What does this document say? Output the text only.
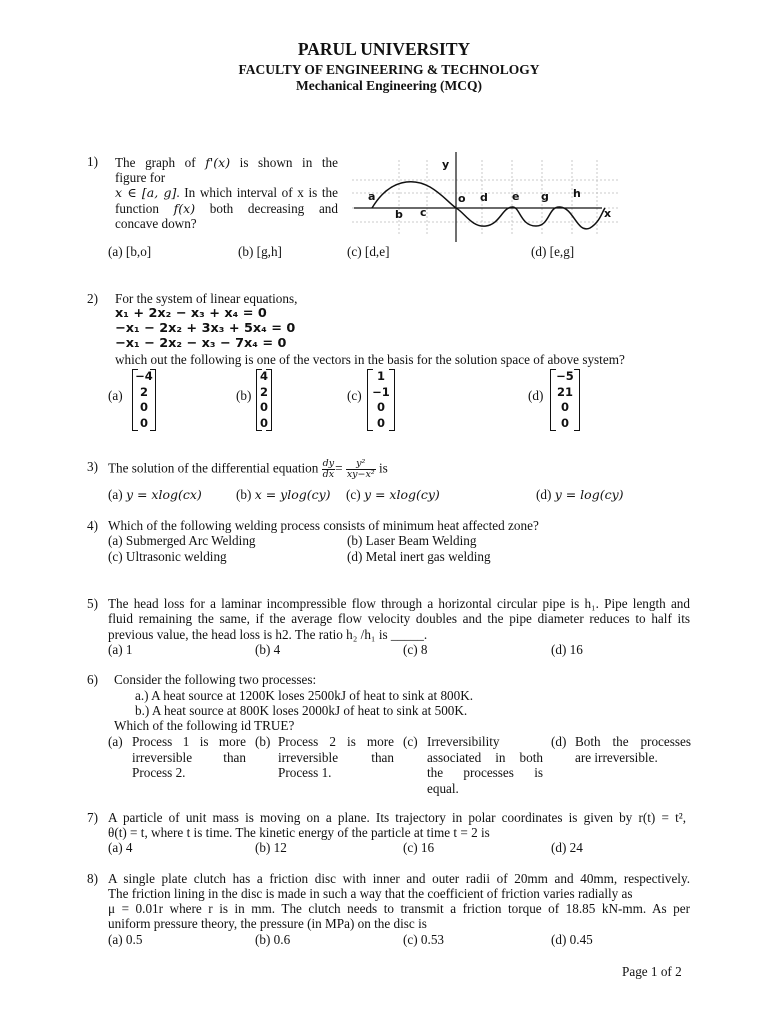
PARUL UNIVERSITY
FACULTY OF ENGINEERING & TECHNOLOGY
Mechanical Engineering (MCQ)
1) The graph of f'(x) is shown in the
figure for
x ∈ [a, g]. In which interval of x is the
function f(x) both decreasing and
concave down?
y
a
b c
o d e g h
x
(a) [b,o]	(b) [g,h]	(c) [d,e]	(d) [e,g]
2) For the system of linear equations,
x₁ + 2x₂ − x₃ + x₄ = 0
−x₁ − 2x₂ + 3x₃ + 5x₄ = 0
−x₁ − 2x₂ − x₃ − 7x₄ = 0
which out the following is one of the vectors in the basis for the solution space of above system?
(a)
−4
2
0
0
(b)
4
2
0
0
(c)
1
−1
0
0
(d)
−5
21
0
0
3) The solution of the differential equation $\frac{dy}{dx} = \frac{\text{y²}}{\text{xy−x²}}$ is
(a) y = xlog(cx)	(b) x = ylog(cy) (c) y = xlog(cy)	(d) y = log(cy)
4) Which of the following welding process consists of minimum heat affected zone?
(a) Submerged Arc Welding	(b) Laser Beam Welding
(c) Ultrasonic welding	(d) Metal inert gas welding
5) The head loss for a laminar incompressible flow through a horizontal circular pipe is h₁. Pipe length and
fluid remaining the same, if the average flow velocity doubles and the pipe diameter reduces to half its
previous value, the head loss is h2. The ratio h₂ /h₁ is _____.
(a) 1	(b) 4	(c) 8	(d) 16
6) Consider the following two processes:
a.) A heat source at 1200K loses 2500kJ of heat to sink at 800K.
b.) A heat source at 800K loses 2000kJ of heat to sink at 500K.
Which of the following id TRUE?
(a) Process 1 is more
irreversible than
Process 2.
(b) Process 2 is more
irreversible than
Process 1.
(c) Irreversibility
associated in both
the processes is
equal.
(d) Both the processes
are irreversible.
7) A particle of unit mass is moving on a plane. Its trajectory in polar coordinates is given by r(t) = t²,
θ(t) = t, where t is time. The kinetic energy of the particle at time t = 2 is
(a) 4	(b) 12	(c) 16	(d) 24
8) A single plate clutch has a friction disc with inner and outer radii of 20mm and 40mm, respectively.
The friction lining in the disc is made in such a way that the coefficient of friction varies radially as
μ = 0.01r where r is in mm. The clutch needs to transmit a friction torque of 18.85 kN-mm. As per
uniform pressure theory, the pressure (in MPa) on the disc is
(a) 0.5	(b) 0.6	(c) 0.53	(d) 0.45
Page 1 of 2
